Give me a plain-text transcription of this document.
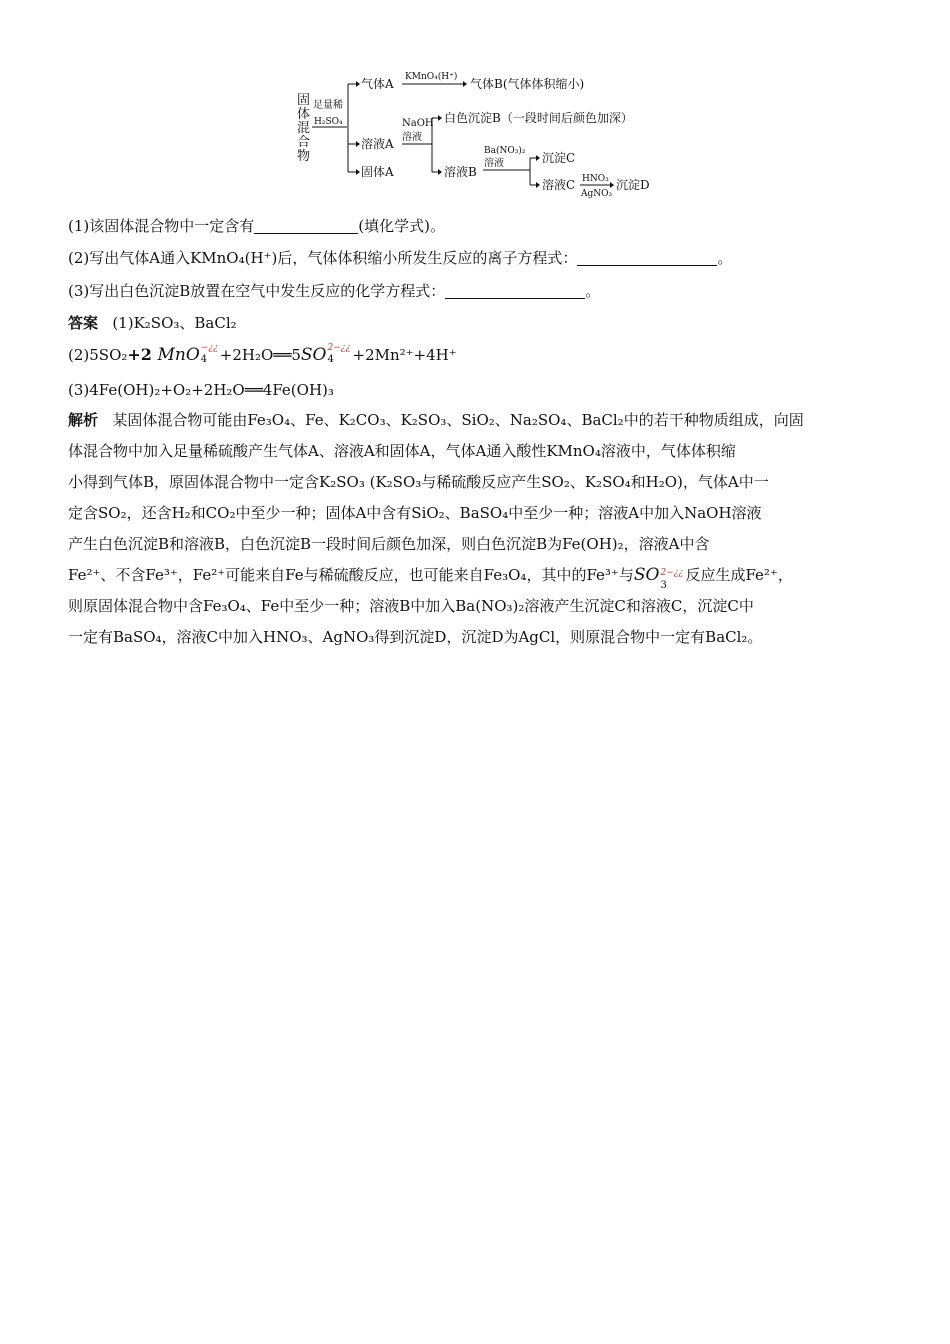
固
体
混
合
物
足量稀
H₂SO₄
气体A KMnO₄(H⁺) 气体B(气体体积缩小)
溶液A
NaOH
溶液
白色沉淀B（一段时间后颜色加深）
溶液B
固体A
Ba(NO₃)₂
溶液	沉淀C
溶液C HNO₃
AgNO₃
沉淀D
(1)该固体混合物中一定含有	(填化学式)。
(2)写出气体A通入KMnO₄(H⁺)后，气体体积缩小所发生反应的离子方程式：	。
(3)写出白色沉淀B放置在空气中发生反应的化学方程式：	。
答案 (1)K₂SO₃、BaCl₂
(2)5SO₂+2 MnO −¿¿
4 +2H₂O══5SO 2−¿¿
4 +2Mn²⁺+4H⁺
(3)4Fe(OH)₂+O₂+2H₂O══4Fe(OH)₃
解析 某固体混合物可能由Fe₃O₄、Fe、K₂CO₃、K₂SO₃、SiO₂、Na₂SO₄、BaCl₂中的若干种物质组成，向固
体混合物中加入足量稀硫酸产生气体A、溶液A和固体A，气体A通入酸性KMnO₄溶液中，气体体积缩
小得到气体B，原固体混合物中一定含K₂SO₃ (K₂SO₃与稀硫酸反应产生SO₂、K₂SO₄和H₂O)，气体A中一
定含SO₂，还含H₂和CO₂中至少一种；固体A中含有SiO₂、BaSO₄中至少一种；溶液A中加入NaOH溶液
产生白色沉淀B和溶液B，白色沉淀B一段时间后颜色加深，则白色沉淀B为Fe(OH)₂，溶液A中含
Fe²⁺、不含Fe³⁺，Fe²⁺可能来自Fe与稀硫酸反应，也可能来自Fe₃O₄，其中的Fe³⁺与SO 2−¿¿
3
反应生成Fe²⁺，
则原固体混合物中含Fe₃O₄、Fe中至少一种；溶液B中加入Ba(NO₃)₂溶液产生沉淀C和溶液C，沉淀C中
一定有BaSO₄，溶液C中加入HNO₃、AgNO₃得到沉淀D，沉淀D为AgCl，则原混合物中一定有BaCl₂。
